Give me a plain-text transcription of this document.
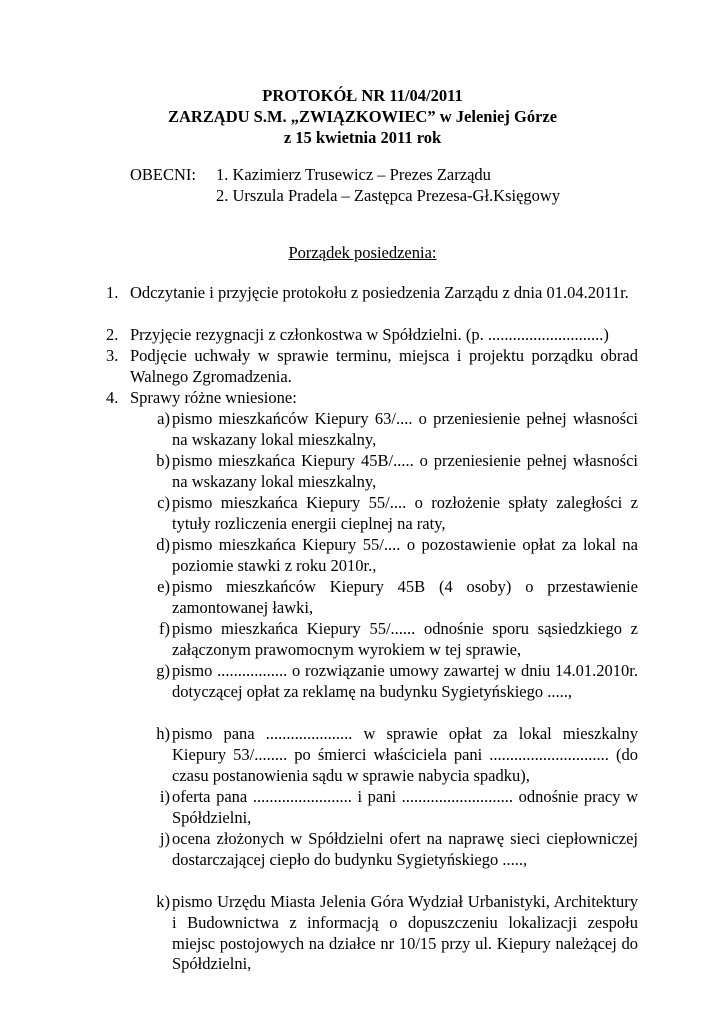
PROTOKÓŁ NR 11/04/2011
ZARZĄDU S.M. „ZWIĄZKOWIEC” w Jeleniej Górze
z 15 kwietnia 2011 rok
OBECNI: 1. Kazimierz Trusewicz – Prezes Zarządu
2. Urszula Pradela – Zastępca Prezesa-Gł.Księgowy
Porządek posiedzenia:
1. Odczytanie i przyjęcie protokołu z posiedzenia Zarządu z dnia 01.04.2011r.
2. Przyjęcie rezygnacji z członkostwa w Spółdzielni. (p. ............................)
3. Podjęcie uchwały w sprawie terminu, miejsca i projektu porządku obrad Walnego Zgromadzenia.
4. Sprawy różne wniesione:
a) pismo mieszkańców Kiepury 63/.... o przeniesienie pełnej własności na wskazany lokal mieszkalny,
b) pismo mieszkańca Kiepury 45B/..... o przeniesienie pełnej własności na wskazany lokal mieszkalny,
c) pismo mieszkańca Kiepury 55/.... o rozłożenie spłaty zaległości z tytuły rozliczenia energii cieplnej na raty,
d) pismo mieszkańca Kiepury 55/.... o pozostawienie opłat za lokal na poziomie stawki z roku 2010r.,
e) pismo mieszkańców Kiepury 45B (4 osoby) o przestawienie zamontowanej ławki,
f) pismo mieszkańca Kiepury 55/...... odnośnie sporu sąsiedzkiego z załączonym prawomocnym wyrokiem w tej sprawie,
g) pismo ................. o rozwiązanie umowy zawartej w dniu 14.01.2010r. dotyczącej opłat za reklamę na budynku Sygietyńskiego .....,
h) pismo pana ..................... w sprawie opłat za lokal mieszkalny Kiepury 53/........ po śmierci właściciela pani ............................. (do czasu postanowienia sądu w sprawie nabycia spadku),
i) oferta pana ........................ i pani ........................... odnośnie pracy w Spółdzielni,
j) ocena złożonych w Spółdzielni ofert na naprawę sieci ciepłowniczej dostarczającej ciepło do budynku Sygietyńskiego .....,
k) pismo Urzędu Miasta Jelenia Góra Wydział Urbanistyki, Architektury i Budownictwa z informacją o dopuszczeniu lokalizacji zespołu miejsc postojowych na działce nr 10/15 przy ul. Kiepury należącej do Spółdzielni,
